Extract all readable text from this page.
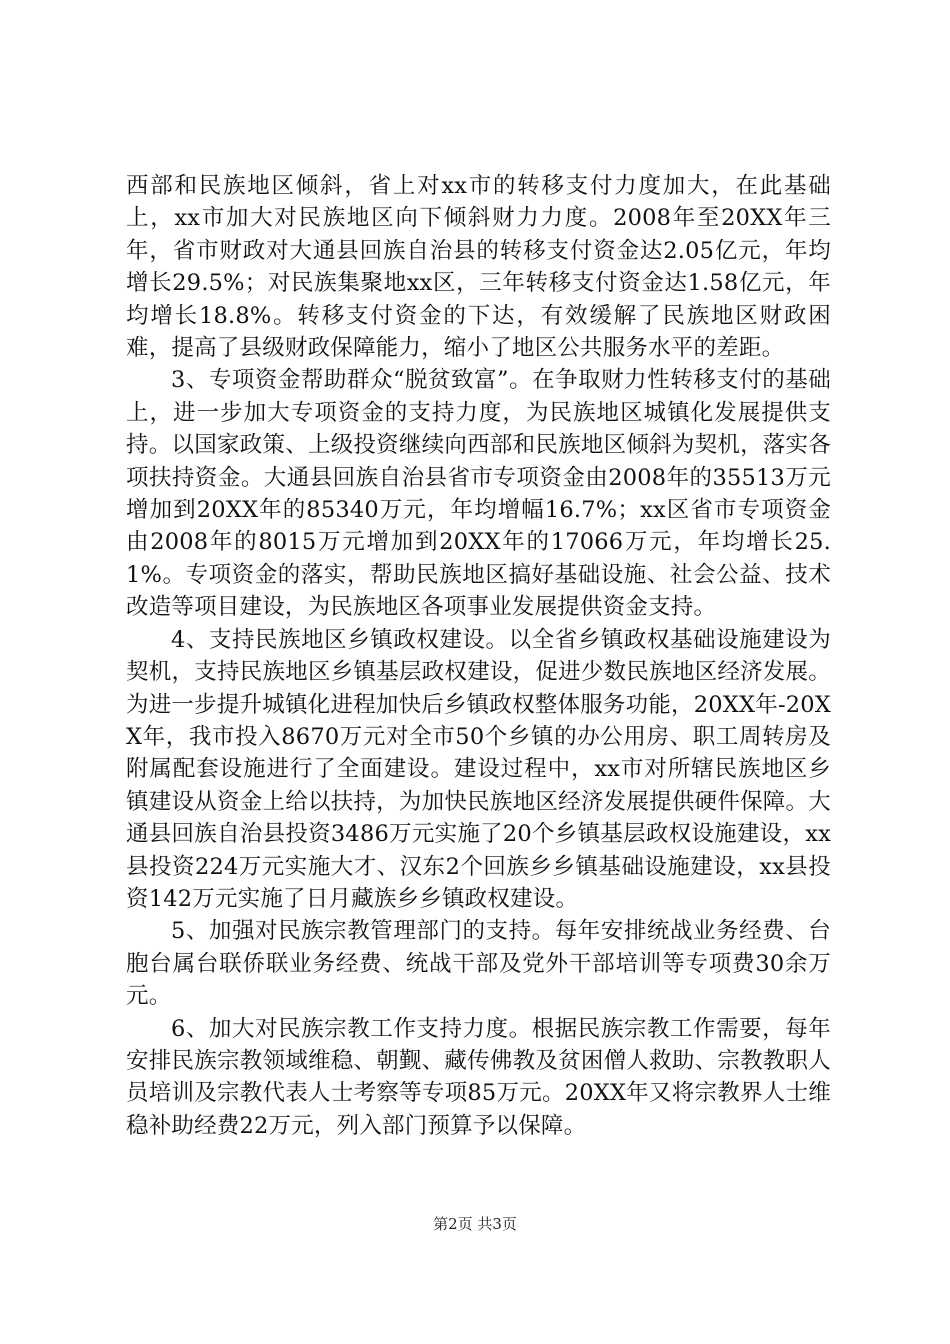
西部和民族地区倾斜，省上对xx市的转移支付力度加大，在此基础上，xx市加大对民族地区向下倾斜财力力度。2008年至20XX年三年，省市财政对大通县回族自治县的转移支付资金达2.05亿元，年均增长29.5%；对民族集聚地xx区，三年转移支付资金达1.58亿元，年均增长18.8%。转移支付资金的下达，有效缓解了民族地区财政困难，提高了县级财政保障能力，缩小了地区公共服务水平的差距。

3、专项资金帮助群众“脱贫致富”。在争取财力性转移支付的基础上，进一步加大专项资金的支持力度，为民族地区城镇化发展提供支持。以国家政策、上级投资继续向西部和民族地区倾斜为契机，落实各项扶持资金。大通县回族自治县省市专项资金由2008年的35513万元增加到20XX年的85340万元，年均增幅16.7%；xx区省市专项资金由2008年的8015万元增加到20XX年的17066万元，年均增长25.1%。专项资金的落实，帮助民族地区搞好基础设施、社会公益、技术改造等项目建设，为民族地区各项事业发展提供资金支持。

4、支持民族地区乡镇政权建设。以全省乡镇政权基础设施建设为契机，支持民族地区乡镇基层政权建设，促进少数民族地区经济发展。为进一步提升城镇化进程加快后乡镇政权整体服务功能，20XX年-20XX年，我市投入8670万元对全市50个乡镇的办公用房、职工周转房及附属配套设施进行了全面建设。建设过程中，xx市对所辖民族地区乡镇建设从资金上给以扶持，为加快民族地区经济发展提供硬件保障。大通县回族自治县投资3486万元实施了20个乡镇基层政权设施建设，xx县投资224万元实施大才、汉东2个回族乡乡镇基础设施建设，xx县投资142万元实施了日月藏族乡乡镇政权建设。

5、加强对民族宗教管理部门的支持。每年安排统战业务经费、台胞台属台联侨联业务经费、统战干部及党外干部培训等专项费30余万元。

6、加大对民族宗教工作支持力度。根据民族宗教工作需要，每年安排民族宗教领域维稳、朝觐、藏传佛教及贫困僧人救助、宗教教职人员培训及宗教代表人士考察等专项85万元。20XX年又将宗教界人士维稳补助经费22万元，列入部门预算予以保障。

第2页 共3页
